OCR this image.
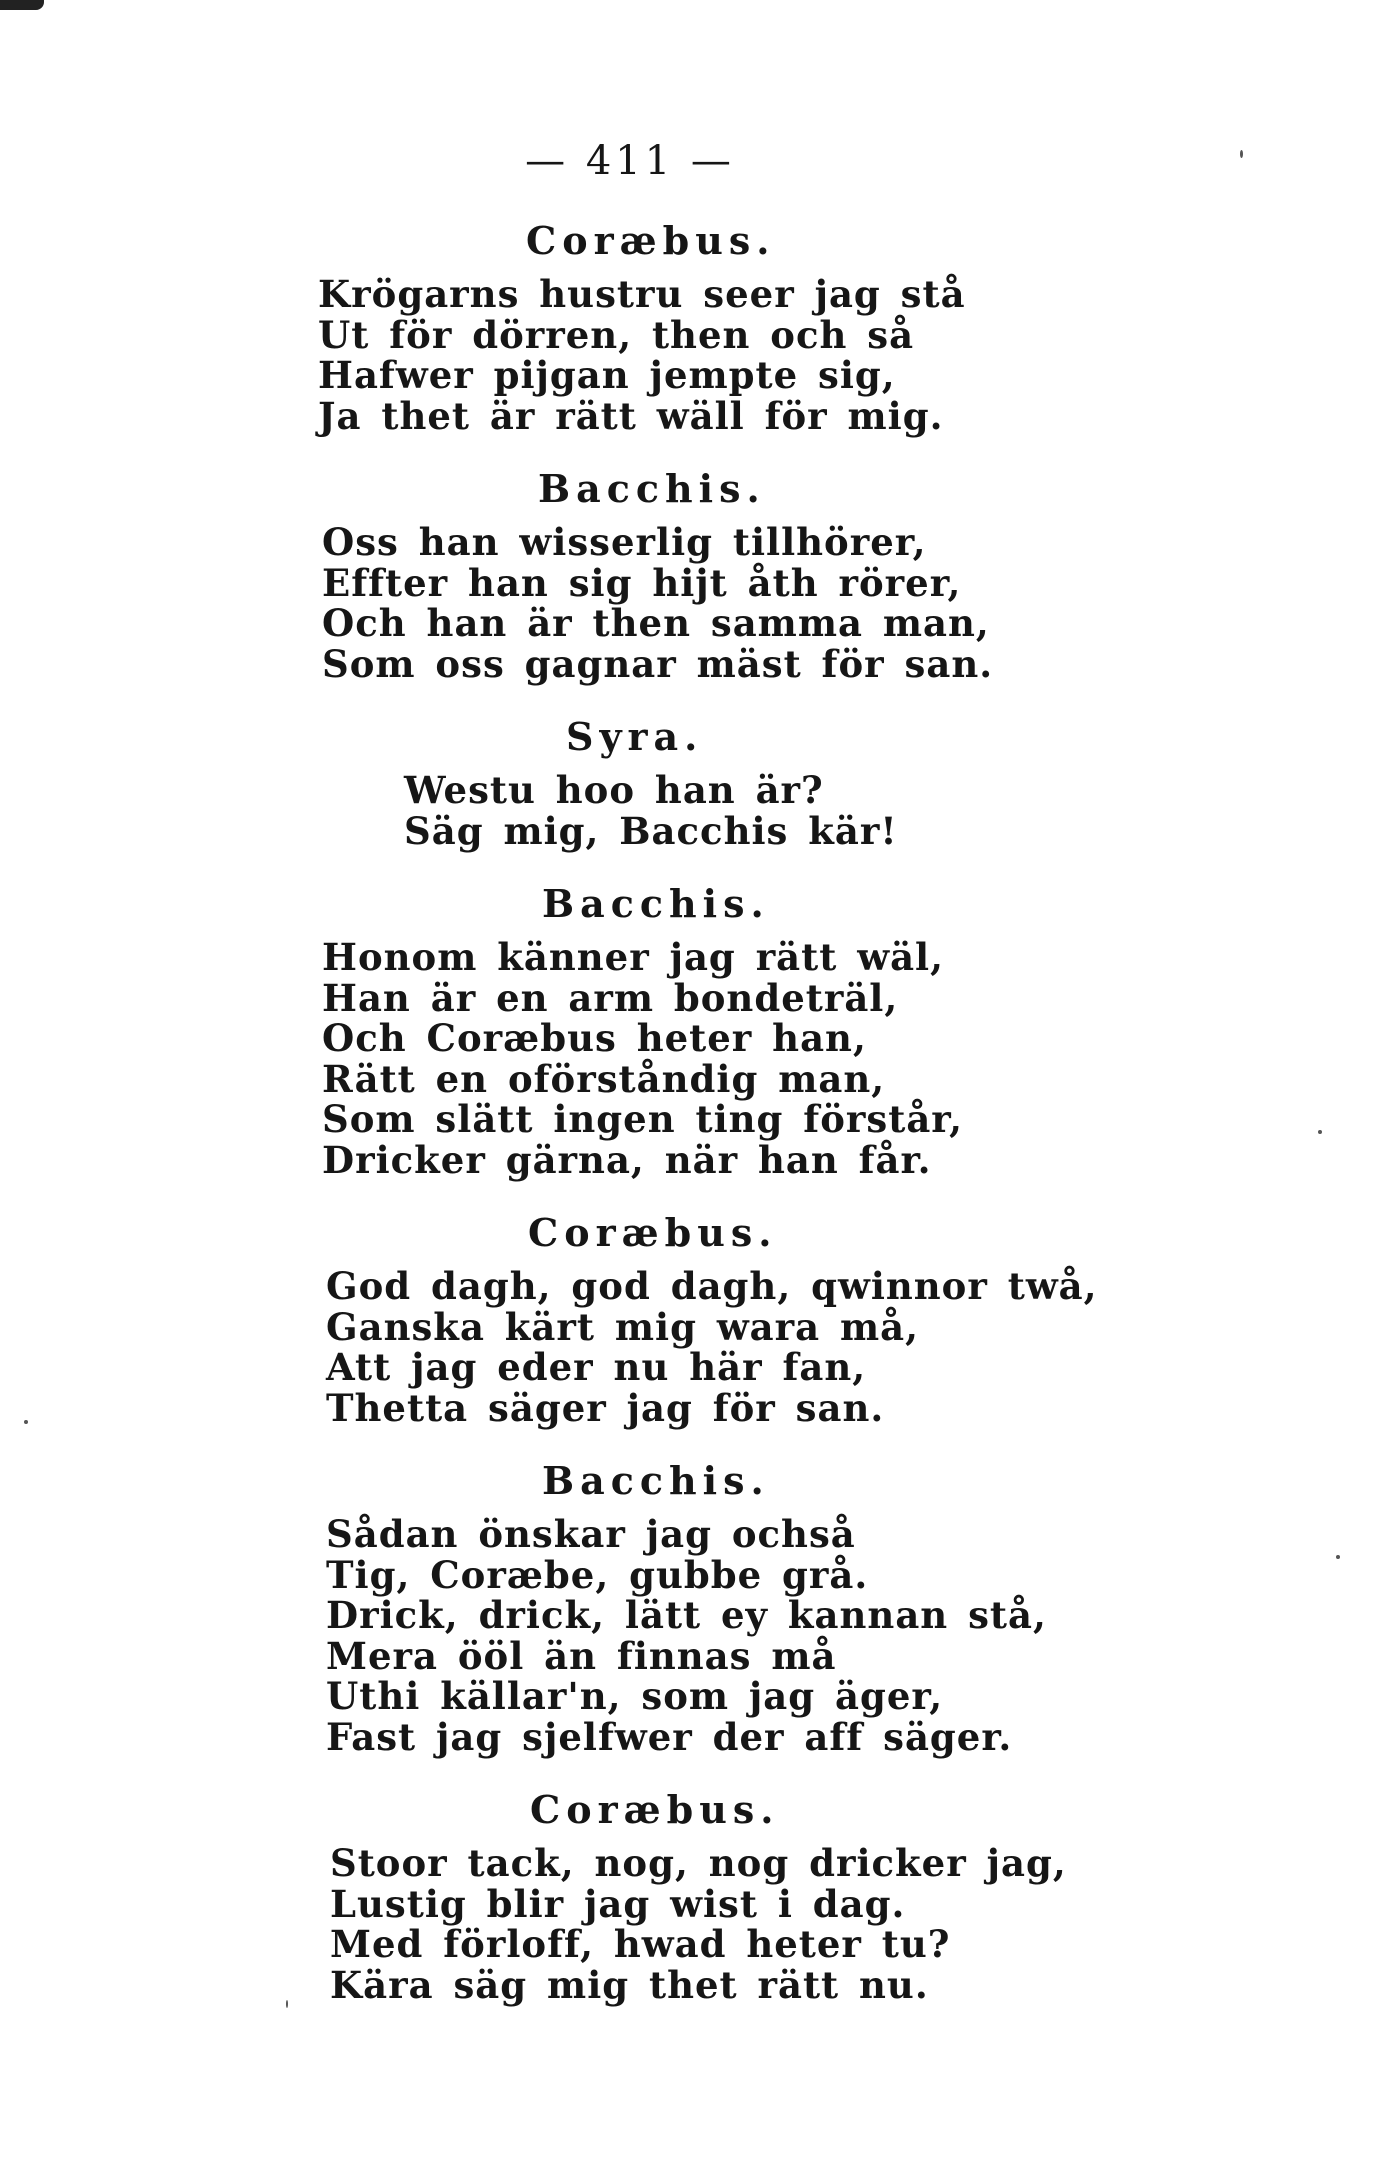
— 411 —
Coræbus.
Krögarns hustru seer jag stå
Ut för dörren, then och så
Hafwer pijgan jempte sig,
Ja thet är rätt wäll för mig.
Bacchis.
Oss han wisserlig tillhörer,
Effter han sig hijt åth rörer,
Och han är then samma man,
Som oss gagnar mäst för san.
Syra.
Westu hoo han är?
Säg mig, Bacchis kär!
Bacchis.
Honom känner jag rätt wäl,
Han är en arm bondeträl,
Och Coræbus heter han,
Rätt en oförståndig man,
Som slätt ingen ting förstår,
Dricker gärna, när han får.
Coræbus.
God dagh, god dagh, qwinnor twå,
Ganska kärt mig wara må,
Att jag eder nu här fan,
Thetta säger jag för san.
Bacchis.
Sådan önskar jag ochså
Tig, Coræbe, gubbe grå.
Drick, drick, lätt ey kannan stå,
Mera ööl än finnas må
Uthi källar'n, som jag äger,
Fast jag sjelfwer der aff säger.
Coræbus.
Stoor tack, nog, nog dricker jag,
Lustig blir jag wist i dag.
Med förloff, hwad heter tu?
Kära säg mig thet rätt nu.
